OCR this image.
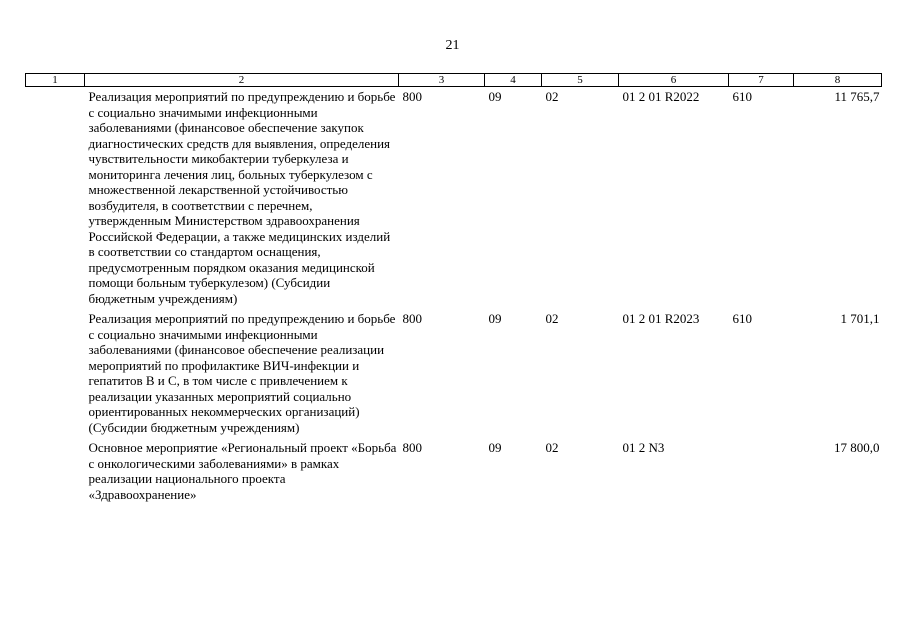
21
1	2	3	4	5	6	7	8
	Реализация мероприятий по предупреждению и борьбе с социально значимыми инфекционными заболеваниями (финансовое обеспечение закупок диагностических средств для выявления, определения чувствительности микобактерии туберкулеза и мониторинга лечения лиц, больных туберкулезом с множественной лекарственной устойчивостью возбудителя, в соответствии с перечнем, утвержденным Министерством здравоохранения Российской Федерации, а также медицинских изделий в соответствии со стандартом оснащения, предусмотренным порядком оказания медицинской помощи больным туберкулезом) (Субсидии бюджетным учреждениям)	800	09	02	01 2 01 R2022	610	11 765,7
	Реализация мероприятий по предупреждению и борьбе с социально значимыми инфекционными заболеваниями (финансовое обеспечение реализации мероприятий по профилактике ВИЧ-инфекции и гепатитов В и С, в том числе с привлечением к реализации указанных мероприятий социально ориентированных некоммерческих организаций) (Субсидии бюджетным учреждениям)	800	09	02	01 2 01 R2023	610	1 701,1
	Основное мероприятие «Региональный проект «Борьба с онкологическими заболеваниями» в рамках реализации национального проекта «Здравоохранение»	800	09	02	01 2 N3		17 800,0
